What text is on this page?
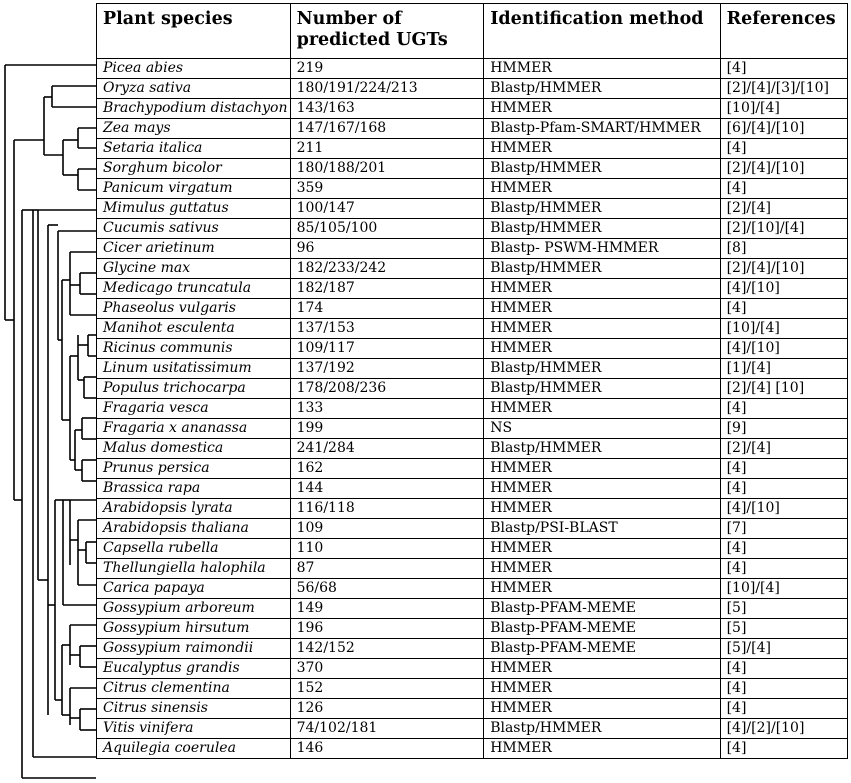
Plant species	Number of
predicted UGTs	Identification method	References
Picea abies	219	HMMER	[4]
Oryza sativa	180/191/224/213	Blastp/HMMER	[2]/[4]/[3]/[10]
Brachypodium distachyon	143/163	HMMER	[10]/[4]
Zea mays	147/167/168	Blastp-Pfam-SMART/HMMER	[6]/[4]/[10]
Setaria italica	211	HMMER	[4]
Sorghum bicolor	180/188/201	Blastp/HMMER	[2]/[4]/[10]
Panicum virgatum	359	HMMER	[4]
Mimulus guttatus	100/147	Blastp/HMMER	[2]/[4]
Cucumis sativus	85/105/100	Blastp/HMMER	[2]/[10]/[4]
Cicer arietinum	96	Blastp- PSWM-HMMER	[8]
Glycine max	182/233/242	Blastp/HMMER	[2]/[4]/[10]
Medicago truncatula	182/187	HMMER	[4]/[10]
Phaseolus vulgaris	174	HMMER	[4]
Manihot esculenta	137/153	HMMER	[10]/[4]
Ricinus communis	109/117	HMMER	[4]/[10]
Linum usitatissimum	137/192	Blastp/HMMER	[1]/[4]
Populus trichocarpa	178/208/236	Blastp/HMMER	[2]/[4] [10]
Fragaria vesca	133	HMMER	[4]
Fragaria x ananassa	199	NS	[9]
Malus domestica	241/284	Blastp/HMMER	[2]/[4]
Prunus persica	162	HMMER	[4]
Brassica rapa	144	HMMER	[4]
Arabidopsis lyrata	116/118	HMMER	[4]/[10]
Arabidopsis thaliana	109	Blastp/PSI-BLAST	[7]
Capsella rubella	110	HMMER	[4]
Thellungiella halophila	87	HMMER	[4]
Carica papaya	56/68	HMMER	[10]/[4]
Gossypium arboreum	149	Blastp-PFAM-MEME	[5]
Gossypium hirsutum	196	Blastp-PFAM-MEME	[5]
Gossypium raimondii	142/152	Blastp-PFAM-MEME	[5]/[4]
Eucalyptus grandis	370	HMMER	[4]
Citrus clementina	152	HMMER	[4]
Citrus sinensis	126	HMMER	[4]
Vitis vinifera	74/102/181	Blastp/HMMER	[4]/[2]/[10]
Aquilegia coerulea	146	HMMER	[4]
